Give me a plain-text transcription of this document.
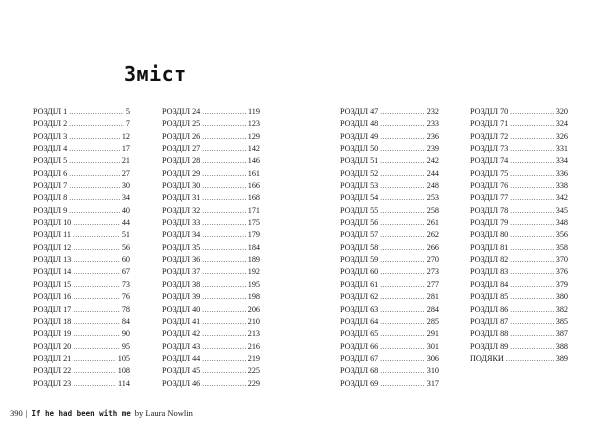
Зміст
РОЗДІЛ 1 .....	5
РОЗДІЛ 2 .....	7
РОЗДІЛ 3 .....	12
РОЗДІЛ 4 .....	17
РОЗДІЛ 5 .....	21
РОЗДІЛ 6 .....	27
РОЗДІЛ 7 .....	30
РОЗДІЛ 8 .....	34
РОЗДІЛ 9 .....	40
РОЗДІЛ 10 .....	44
РОЗДІЛ 11 .....	51
РОЗДІЛ 12 .....	56
РОЗДІЛ 13 .....	60
РОЗДІЛ 14 .....	67
РОЗДІЛ 15 .....	73
РОЗДІЛ 16 .....	76
РОЗДІЛ 17 .....	78
РОЗДІЛ 18 .....	84
РОЗДІЛ 19 .....	90
РОЗДІЛ 20 .....	95
РОЗДІЛ 21 .....	105
РОЗДІЛ 22 .....	108
РОЗДІЛ 23 .....	114
РОЗДІЛ 24 .....	119
РОЗДІЛ 25 .....	123
РОЗДІЛ 26 .....	129
РОЗДІЛ 27 .....	142
РОЗДІЛ 28 .....	146
РОЗДІЛ 29 .....	161
РОЗДІЛ 30 .....	166
РОЗДІЛ 31 .....	168
РОЗДІЛ 32 .....	171
РОЗДІЛ 33 .....	175
РОЗДІЛ 34 .....	179
РОЗДІЛ 35 .....	184
РОЗДІЛ 36 .....	189
РОЗДІЛ 37 .....	192
РОЗДІЛ 38 .....	195
РОЗДІЛ 39 .....	198
РОЗДІЛ 40 .....	206
РОЗДІЛ 41 .....	210
РОЗДІЛ 42 .....	213
РОЗДІЛ 43 .....	216
РОЗДІЛ 44 .....	219
РОЗДІЛ 45 .....	225
РОЗДІЛ 46 .....	229
РОЗДІЛ 47 .....	232
РОЗДІЛ 48 .....	233
РОЗДІЛ 49 .....	236
РОЗДІЛ 50 .....	239
РОЗДІЛ 51 .....	242
РОЗДІЛ 52 .....	244
РОЗДІЛ 53 .....	248
РОЗДІЛ 54 .....	253
РОЗДІЛ 55 .....	258
РОЗДІЛ 56 .....	261
РОЗДІЛ 57 .....	262
РОЗДІЛ 58 .....	266
РОЗДІЛ 59 .....	270
РОЗДІЛ 60 .....	273
РОЗДІЛ 61 .....	277
РОЗДІЛ 62 .....	281
РОЗДІЛ 63 .....	284
РОЗДІЛ 64 .....	285
РОЗДІЛ 65 .....	291
РОЗДІЛ 66 .....	301
РОЗДІЛ 67 .....	306
РОЗДІЛ 68 .....	310
РОЗДІЛ 69 .....	317
РОЗДІЛ 70 .....	320
РОЗДІЛ 71 .....	324
РОЗДІЛ 72 .....	326
РОЗДІЛ 73 .....	331
РОЗДІЛ 74 .....	334
РОЗДІЛ 75 .....	336
РОЗДІЛ 76 .....	338
РОЗДІЛ 77 .....	342
РОЗДІЛ 78 .....	345
РОЗДІЛ 79 .....	348
РОЗДІЛ 80 .....	356
РОЗДІЛ 81 .....	358
РОЗДІЛ 82 .....	370
РОЗДІЛ 83 .....	376
РОЗДІЛ 84 .....	379
РОЗДІЛ 85 .....	380
РОЗДІЛ 86 .....	382
РОЗДІЛ 87 .....	385
РОЗДІЛ 88 .....	387
РОЗДІЛ 89 .....	388
ПОДЯКИ .....	389
390 | If he had been with me by Laura Nowlin
